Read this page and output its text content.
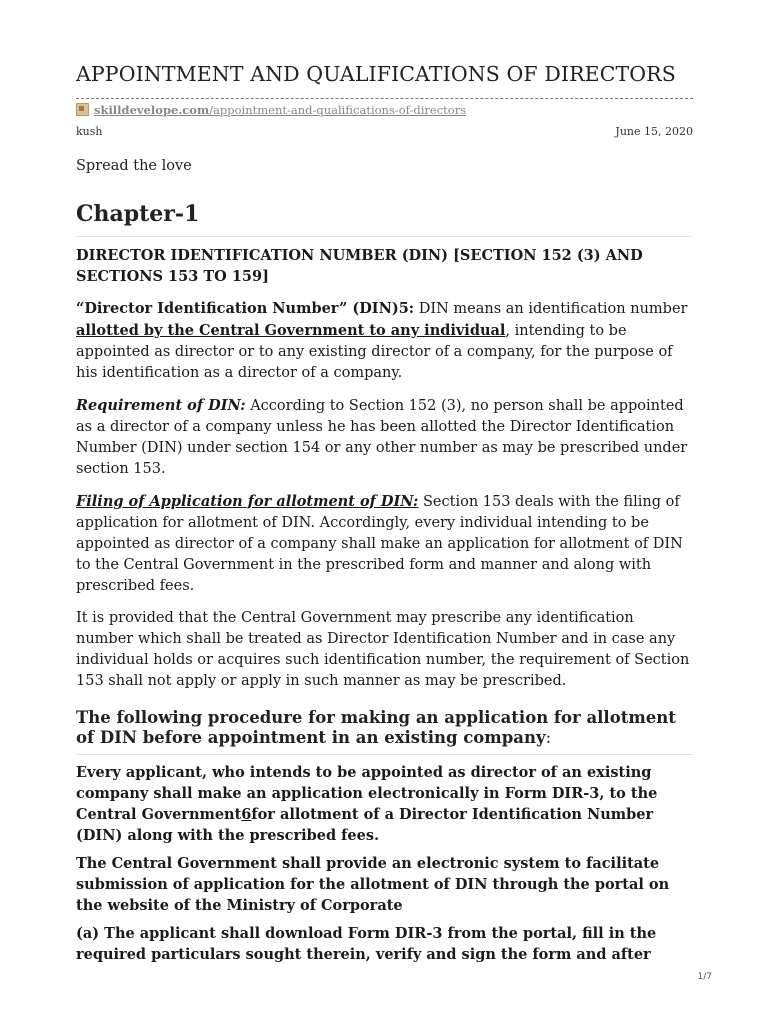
APPOINTMENT AND QUALIFICATIONS OF DIRECTORS
skilldevelope.com /appointment-and-qualifications-of-directors
kush	June 15, 2020
Spread the love
Chapter-1

DIRECTOR IDENTIFICATION NUMBER (DIN) [SECTION 152 (3) AND
SECTIONS 153 TO 159]

“Director Identification Number” (DIN)5: DIN means an identification number allotted by the Central Government to any individual, intending to be appointed as director or to any existing director of a company, for the purpose of his identification as a director of a company.

Requirement of DIN: According to Section 152 (3), no person shall be appointed as a director of a company unless he has been allotted the Director Identification Number (DIN) under section 154 or any other number as may be prescribed under section 153.

Filing of Application for allotment of DIN: Section 153 deals with the filing of application for allotment of DIN. Accordingly, every individual intending to be appointed as director of a company shall make an application for allotment of DIN to the Central Government in the prescribed form and manner and along with prescribed fees.

It is provided that the Central Government may prescribe any identification number which shall be treated as Director Identification Number and in case any individual holds or acquires such identification number, the requirement of Section 153 shall not apply or apply in such manner as may be prescribed.

The following procedure for making an application for allotment of DIN before appointment in an existing company:

Every applicant, who intends to be appointed as director of an existing company shall make an application electronically in Form DIR-3, to the Central Government6for allotment of a Director Identification Number (DIN) along with the prescribed fees.

The Central Government shall provide an electronic system to facilitate submission of application for the allotment of DIN through the portal on the website of the Ministry of Corporate

(a) The applicant shall download Form DIR-3 from the portal, fill in the required particulars sought therein, verify and sign the form and after

1/7
